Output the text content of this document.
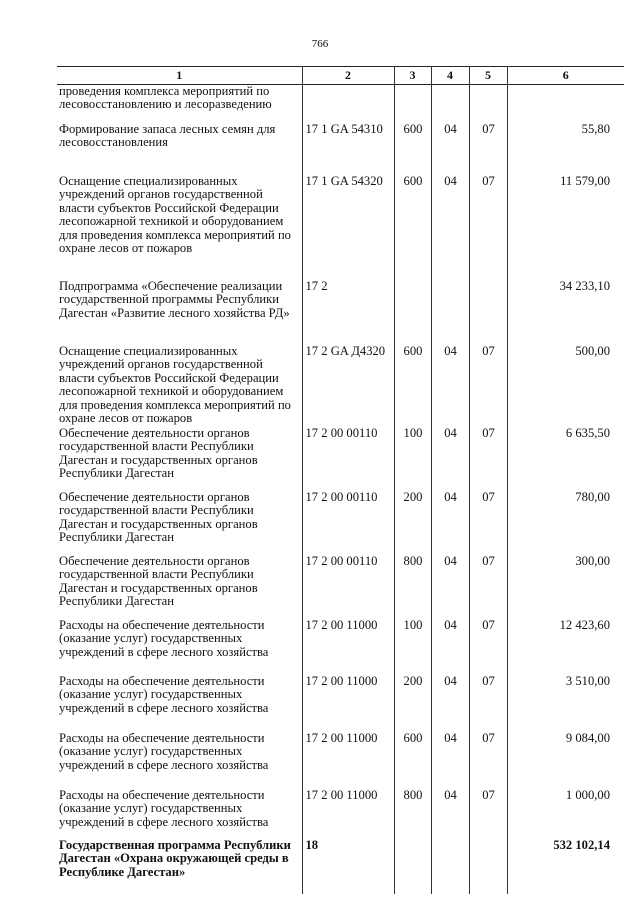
766
1	2	3	4	5	6
проведения комплекса мероприятий по лесовосстановлению и лесоразведению					
Формирование запаса лесных семян для лесовосстановления	17 1 GA 54310	600	04	07	55,80
Оснащение специализированных учреждений органов государственной власти субъектов Российской Федерации лесопожарной техникой и оборудованием для проведения комплекса мероприятий по охране лесов от пожаров	17 1 GA 54320	600	04	07	11 579,00
Подпрограмма «Обеспечение реализации государственной программы Республики Дагестан «Развитие лесного хозяйства РД»	17 2				34 233,10
Оснащение специализированных учреждений органов государственной власти субъектов Российской Федерации лесопожарной техникой и оборудованием для проведения комплекса мероприятий по охране лесов от пожаров	17 2 GA Д4320	600	04	07	500,00
Обеспечение деятельности органов государственной власти Республики Дагестан и государственных органов Республики Дагестан	17 2 00 00110	100	04	07	6 635,50
Обеспечение деятельности органов государственной власти Республики Дагестан и государственных органов Республики Дагестан	17 2 00 00110	200	04	07	780,00
Обеспечение деятельности органов государственной власти Республики Дагестан и государственных органов Республики Дагестан	17 2 00 00110	800	04	07	300,00
Расходы на обеспечение деятельности (оказание услуг) государственных учреждений в сфере лесного хозяйства	17 2 00 11000	100	04	07	12 423,60
Расходы на обеспечение деятельности (оказание услуг) государственных учреждений в сфере лесного хозяйства	17 2 00 11000	200	04	07	3 510,00
Расходы на обеспечение деятельности (оказание услуг) государственных учреждений в сфере лесного хозяйства	17 2 00 11000	600	04	07	9 084,00
Расходы на обеспечение деятельности (оказание услуг) государственных учреждений в сфере лесного хозяйства	17 2 00 11000	800	04	07	1 000,00
Государственная программа Республики Дагестан «Охрана окружающей среды в Республике Дагестан»	18				532 102,14
